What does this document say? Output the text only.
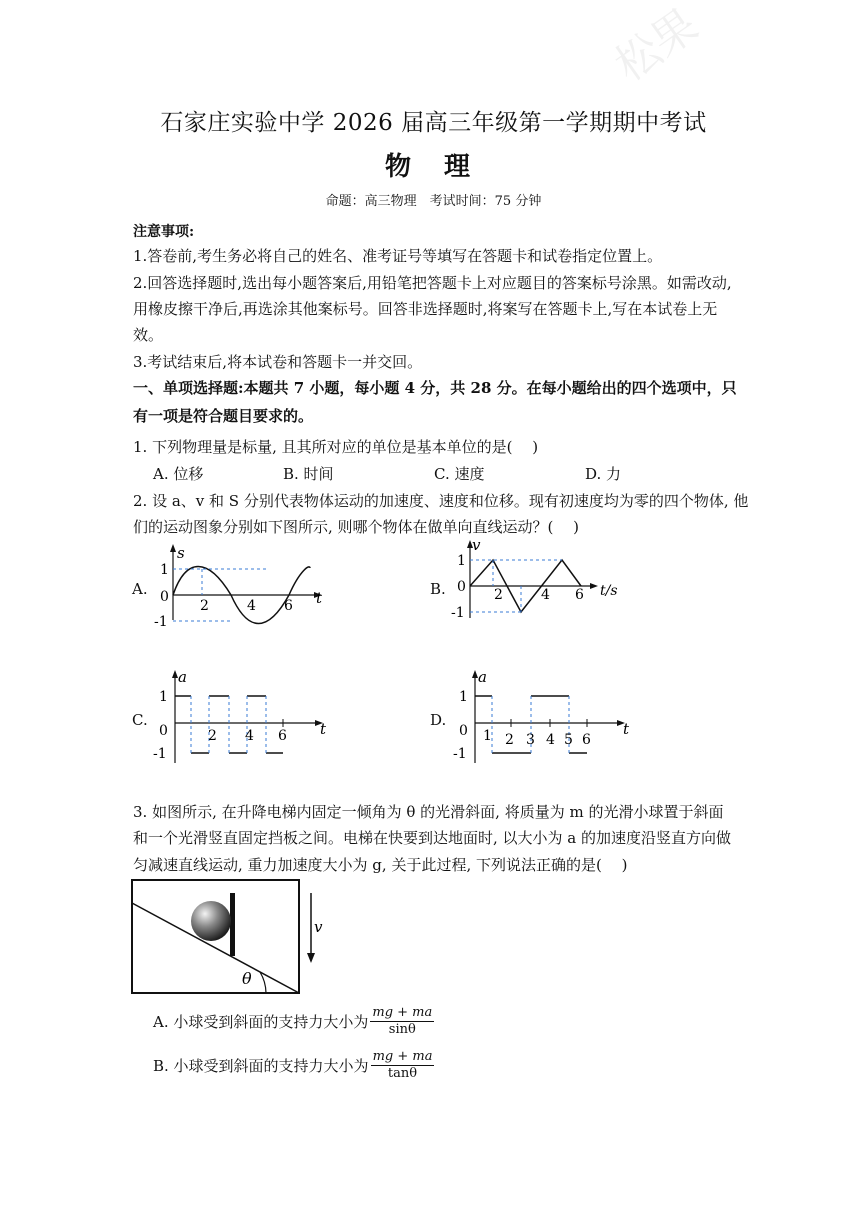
松果
石家庄实验中学 2026 届高三年级第一学期期中考试
物 理
命题：高三物理　考试时间：75 分钟
注意事项:
1.答卷前,考生务必将自己的姓名、准考证号等填写在答题卡和试卷指定位置上。
2.回答选择题时,选出每小题答案后,用铅笔把答题卡上对应题目的答案标号涂黑。如需改动,
用橡皮擦干净后,再选涂其他案标号。回答非选择题时,将案写在答题卡上,写在本试卷上无
效。
3.考试结束后,将本试卷和答题卡一并交回。
一、单项选择题:本题共 7 小题，每小题 4 分，共 28 分。在每小题给出的四个选项中，只
有一项是符合题目要求的。
1. 下列物理量是标量, 且其所对应的单位是基本单位的是(　 )
A. 位移	B. 时间	C. 速度	D. 力
2. 设 a、v 和 S 分别代表物体运动的加速度、速度和位移。现有初速度均为零的四个物体, 他
们的运动图象分别如下图所示, 则哪个物体在做单向直线运动？(　 )
A.
s
t
1
0
-1
2	4 6
B.
v
t/s
1
0
-1
2	4 6
C.
a
t
1
0
-1
2 4 6
D.
a
t
1
0
-1
1 2 3 4 5 6
3. 如图所示, 在升降电梯内固定一倾角为 θ 的光滑斜面, 将质量为 m 的光滑小球置于斜面
和一个光滑竖直固定挡板之间。电梯在快要到达地面时, 以大小为 a 的加速度沿竖直方向做
匀减速直线运动, 重力加速度大小为 g, 关于此过程, 下列说法正确的是(　 )
θ
v
A. 小球受到斜面的支持力大小为 $\frac{mg + ma}{\sin\theta}$
B. 小球受到斜面的支持力大小为 $\frac{mg + ma}{\tan\theta}$
